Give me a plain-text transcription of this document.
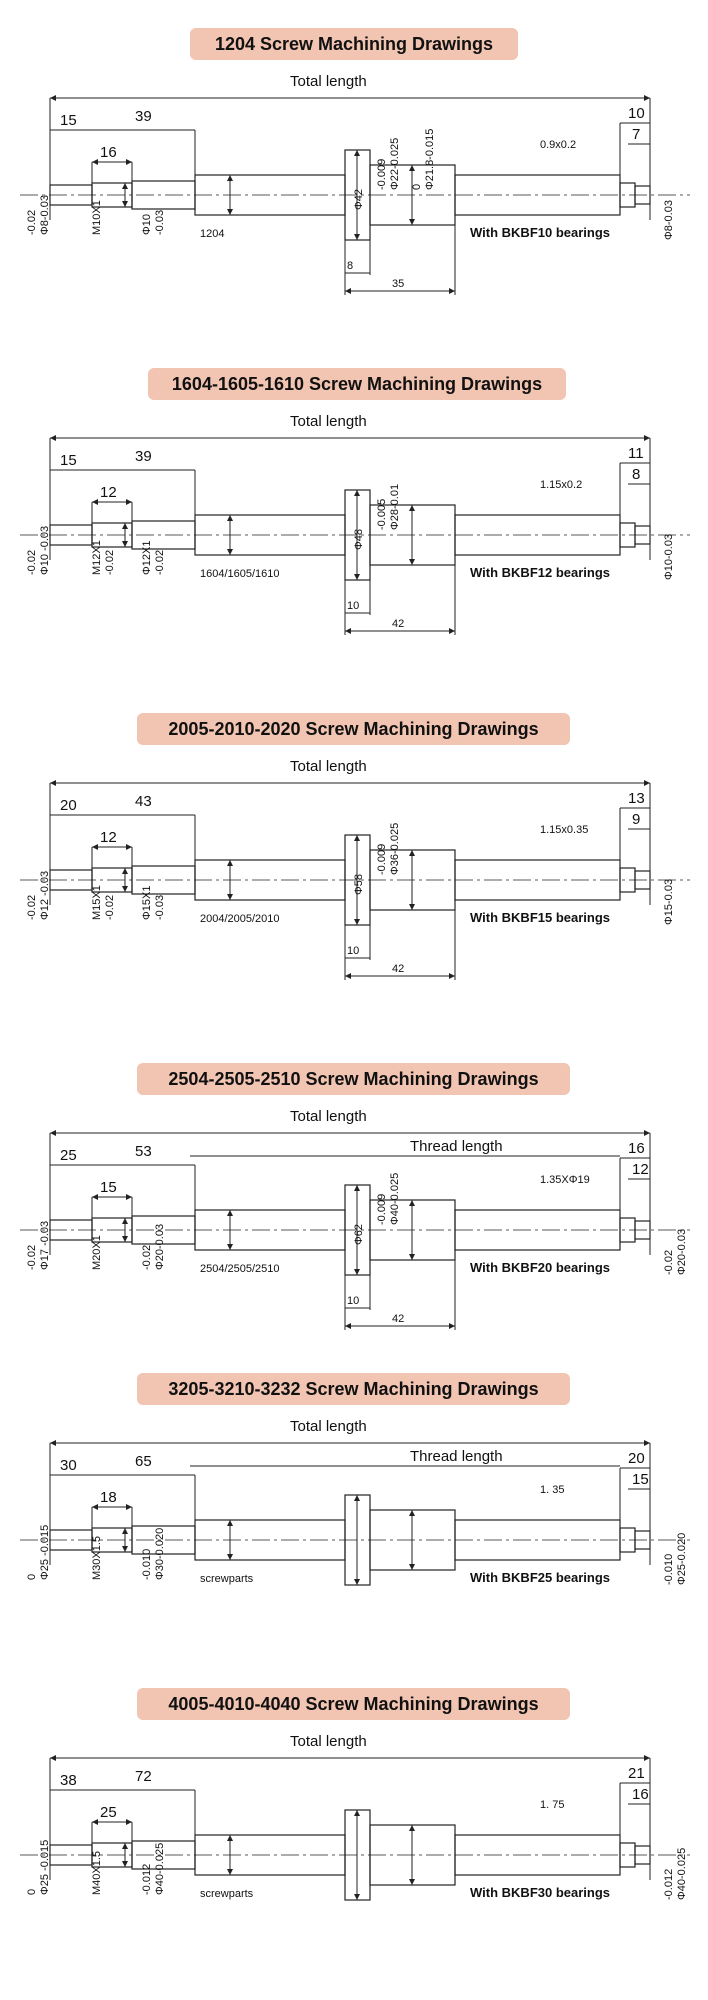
1204 Screw Machining Drawings
Total length
15	39
16
10
7
0.9x0.2
-0.02Φ8-0.03	M10X1	Φ10-0.03	1204
Φ42
-0.009Φ22-0.025 0Φ21.8-0.015
With BKBF10 bearings	Φ8-0.03
8
35
1604-1605-1610 Screw Machining Drawings
Total length
15	39
12
11
8
1.15x0.2
-0.02Φ10 -0.03	M12X1-0.02 Φ12X1-0.02	1604/1605/1610
Φ48
-0.005Φ28-0.01
With BKBF12 bearings	Φ10-0.03
10
42
2005-2010-2020 Screw Machining Drawings
Total length
20	43
12
13
9
1.15x0.35
-0.02Φ12 -0.03	M15X1-0.02 Φ15X1-0.03	2004/2005/2010
Φ58
-0.009Φ36-0.025
With BKBF15 bearings	Φ15-0.03
10
42
2504-2505-2510 Screw Machining Drawings
Total length
Thread length
25	53
15
16
12
1.35XΦ19
-0.02Φ17 -0.03	M20X1	-0.02Φ20-0.03	2504/2505/2510
Φ62
-0.009Φ40-0.025
With BKBF20 bearings	-0.02Φ20-0.03
10
42
3205-3210-3232 Screw Machining Drawings
Total length
Thread length
30	65
18
20
15
1. 35
0Φ25 -0.015	M30X1.5	-0.010Φ30-0.020	screwparts	With BKBF25 bearings	-0.010Φ25-0.020
4005-4010-4040 Screw Machining Drawings
Total length
38	72
25
21
16
1. 75
0Φ25 -0.015	M40X1.5	-0.012Φ40-0.025	screwparts	With BKBF30 bearings	-0.012Φ40-0.025
